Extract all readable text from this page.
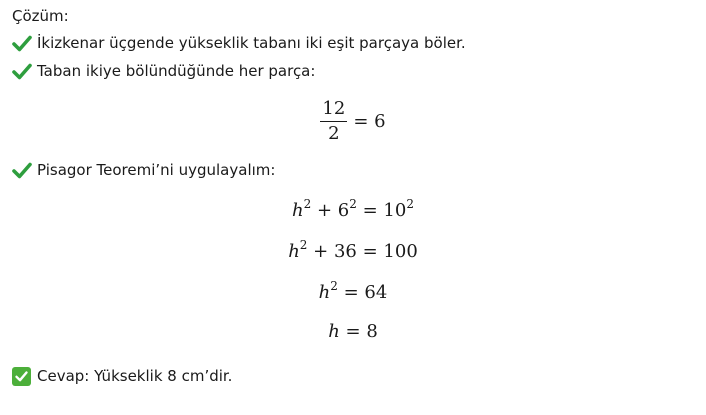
Çözüm:
İkizkenar üçgende yükseklik tabanı iki eşit parçaya böler.
Taban ikiye bölündüğünde her parça:
$\frac{12}{2} = 6$
Pisagor Teoremi’ni uygulayalım:
$h^2 + 6^2 = 10^2$
$h^2 + 36 = 100$
$h^2 = 64$
h = 8
Cevap: Yükseklik 8 cm’dir.
